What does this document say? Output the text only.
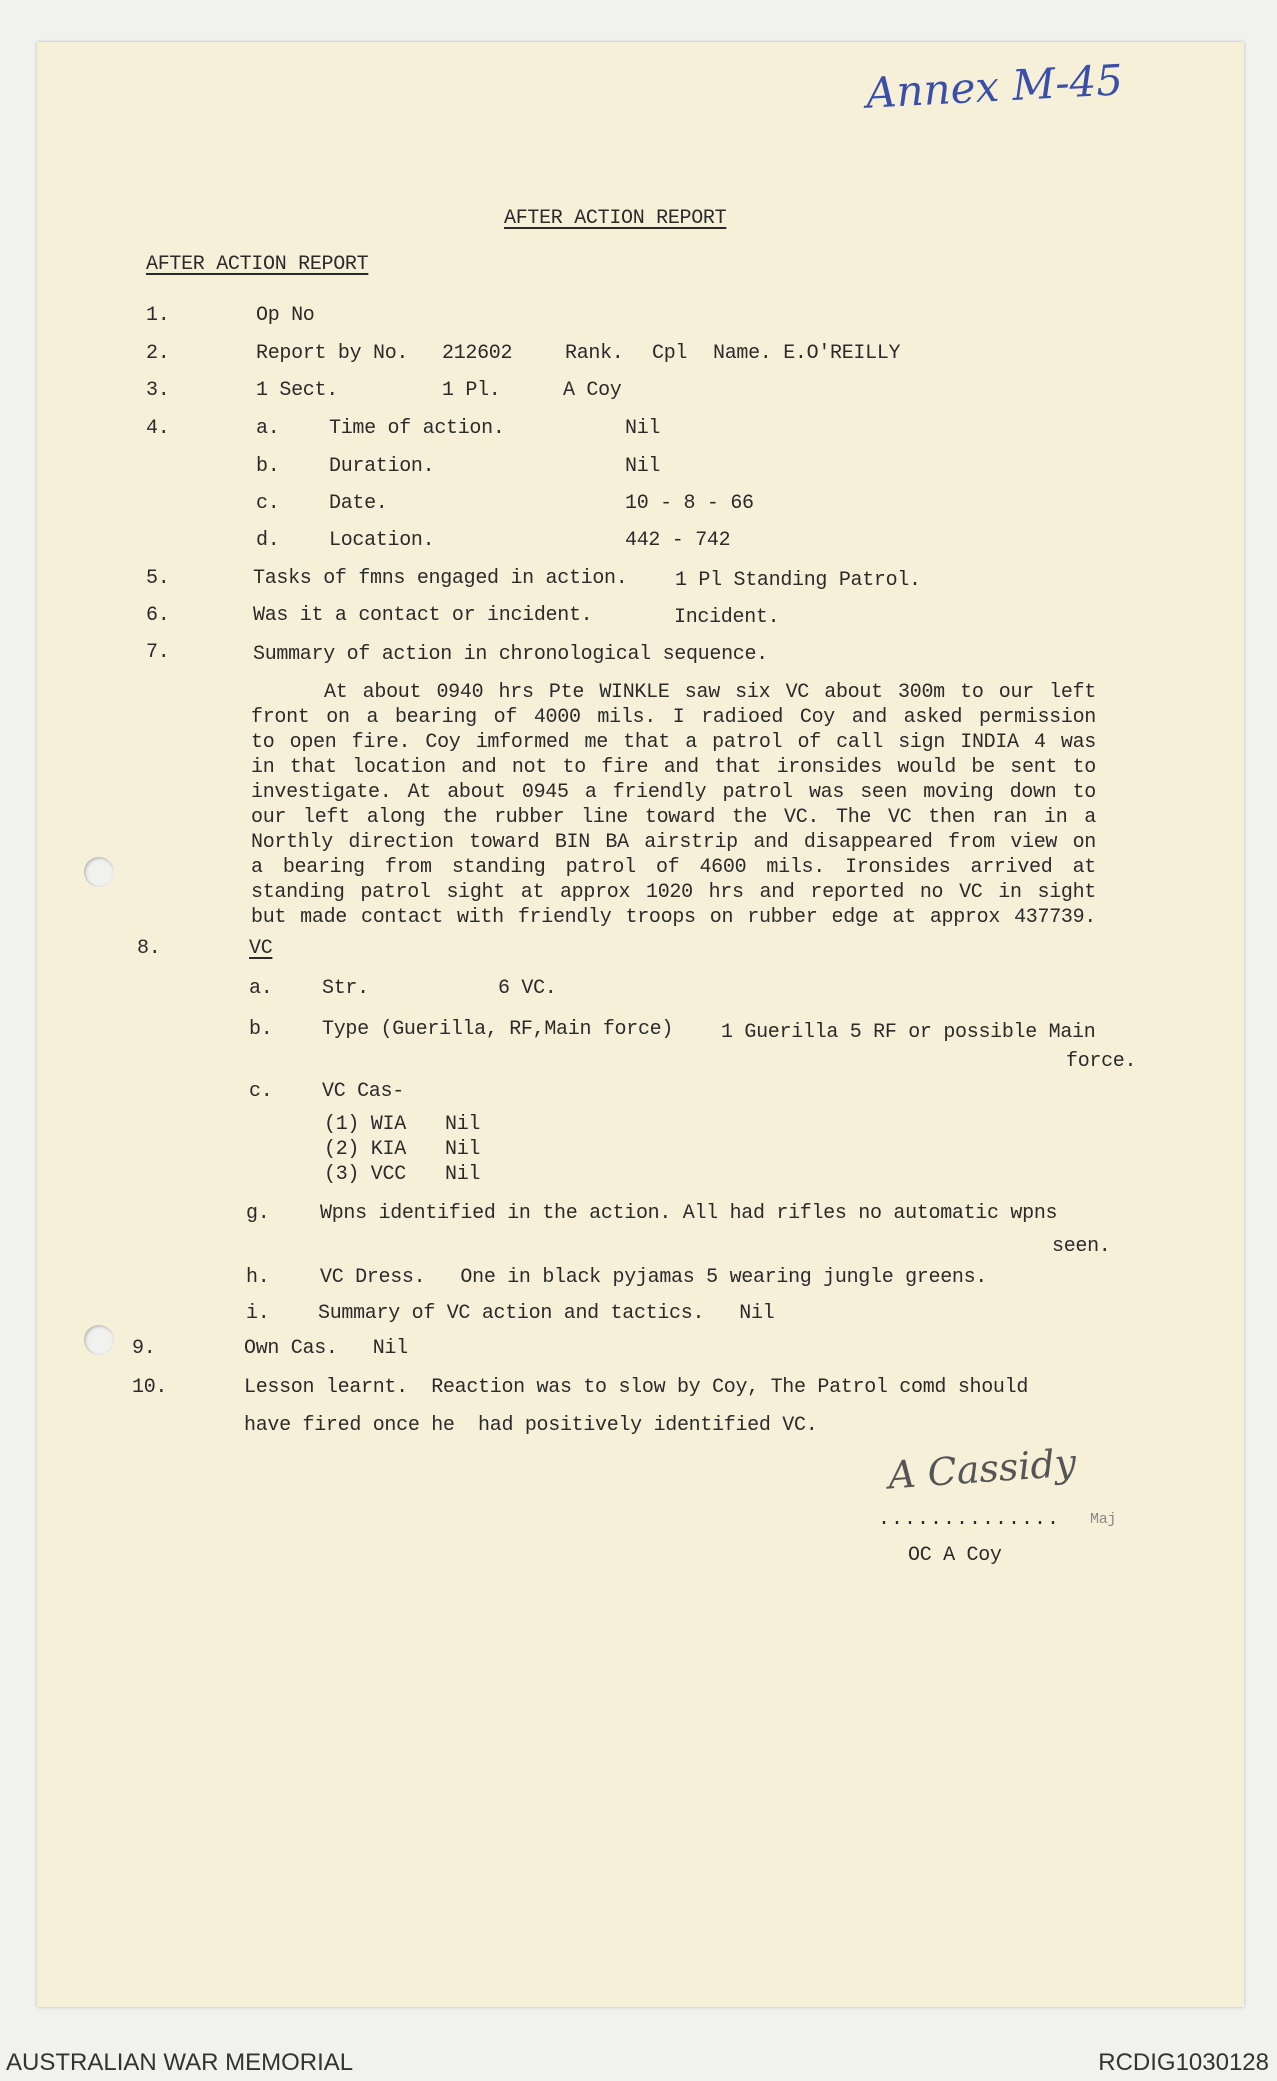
Annex M-45
AFTER ACTION REPORT
AFTER ACTION REPORT
1.	Op No
2.	Report by No. 212602	Rank. Cpl Name. E.O'REILLY
3.	1 Sect.	1 Pl.	A Coy
4.	a. Time of action.	Nil
b. Duration.	Nil
c. Date.	10 - 8 - 66
d. Location.	442 - 742
5.	Tasks of fmns engaged in action. 1 Pl Standing Patrol.
6.	Was it a contact or incident.	Incident.
7.	Summary of action in chronological sequence.
At about 0940 hrs Pte WINKLE saw six VC about 300m to our left
front on a bearing of 4000 mils. I radioed Coy and asked permission
to open fire. Coy imformed me that a patrol of call sign INDIA 4 was
in that location and not to fire and that ironsides would be sent to
investigate. At about 0945 a friendly patrol was seen moving down to
our left along the rubber line toward the VC. The VC then ran in a
Northly direction toward BIN BA airstrip and disappeared from view on
a bearing from standing patrol of 4600 mils. Ironsides arrived at
standing patrol sight at approx 1020 hrs and reported no VC in sight
but made contact with friendly troops on rubber edge at approx 437739.
8.	VC
a. Str.	6 VC.
b. Type (Guerilla, RF,Main force) 1 Guerilla 5 RF or possible Main
force.
c. VC Cas-
(1) WIA Nil
(2) KIA Nil
(3) VCC Nil
g.	Wpns identified in the action. All had rifles no automatic wpns
seen.
h.	VC Dress.   One in black pyjamas 5 wearing jungle greens.
i. Summary of VC action and tactics.   Nil
9.	Own Cas.   Nil
10.	Lesson learnt.  Reaction was to slow by Coy, The Patrol comd should
have fired once he  had positively identified VC.
A Cassidy
.............. Maj
OC A Coy
AUSTRALIAN WAR MEMORIAL	RCDIG1030128
